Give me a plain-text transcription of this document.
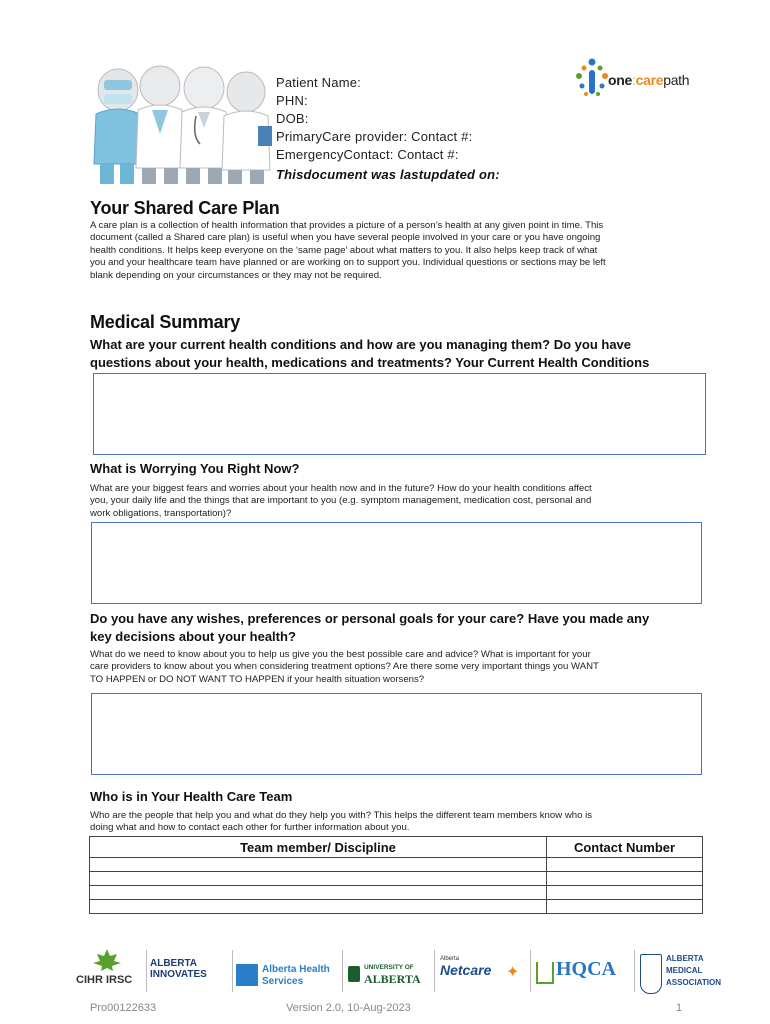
Patient Name:
PHN:
DOB:
PrimaryCare provider: Contact #:
EmergencyContact: Contact #:
Thisdocument was lastupdated on:
one:carepath
Your Shared Care Plan
A care plan is a collection of health information that provides a picture of a person’s health at any given point in time. This
document (called a Shared care plan) is useful when you have several people involved in your care or you have ongoing
health conditions. It helps keep everyone on the ‘same page’ about what matters to you. It also helps keep track of what
you and your healthcare team have planned or are working on to support you. Individual questions or sections may be left
blank depending on your circumstances or they may not be required.
Medical Summary
What are your current health conditions and how are you managing them? Do you have
questions about your health, medications and treatments? Your Current Health Conditions
What is Worrying You Right Now?
What are your biggest fears and worries about your health now and in the future? How do your health conditions affect
you, your daily life and the things that are important to you (e.g. symptom management, medication cost, personal and
work obligations, transportation)?
Do you have any wishes, preferences or personal goals for your care? Have you made any
key decisions about your health?
What do we need to know about you to help us give you the best possible care and advice? What is important for your
care providers to know about you when considering treatment options? Are there some very important things you WANT
TO HAPPEN or DO NOT WANT TO HAPPEN if your health situation worsens?
Who is in Your Health Care Team
Who are the people that help you and what do they help you with? This helps the different team members know who is
doing what and how to contact each other for further information about you.
Team member/ Discipline	Contact Number

CIHR IRSC
ALBERTA
INNOVATES	Alberta Health
Services
UNIVERSITY OF
ALBERTA
Alberta
Netcare ✦ HQCA	ALBERTA
MEDICAL
ASSOCIATION
Pro00122633	Version 2.0, 10-Aug-2023	1
